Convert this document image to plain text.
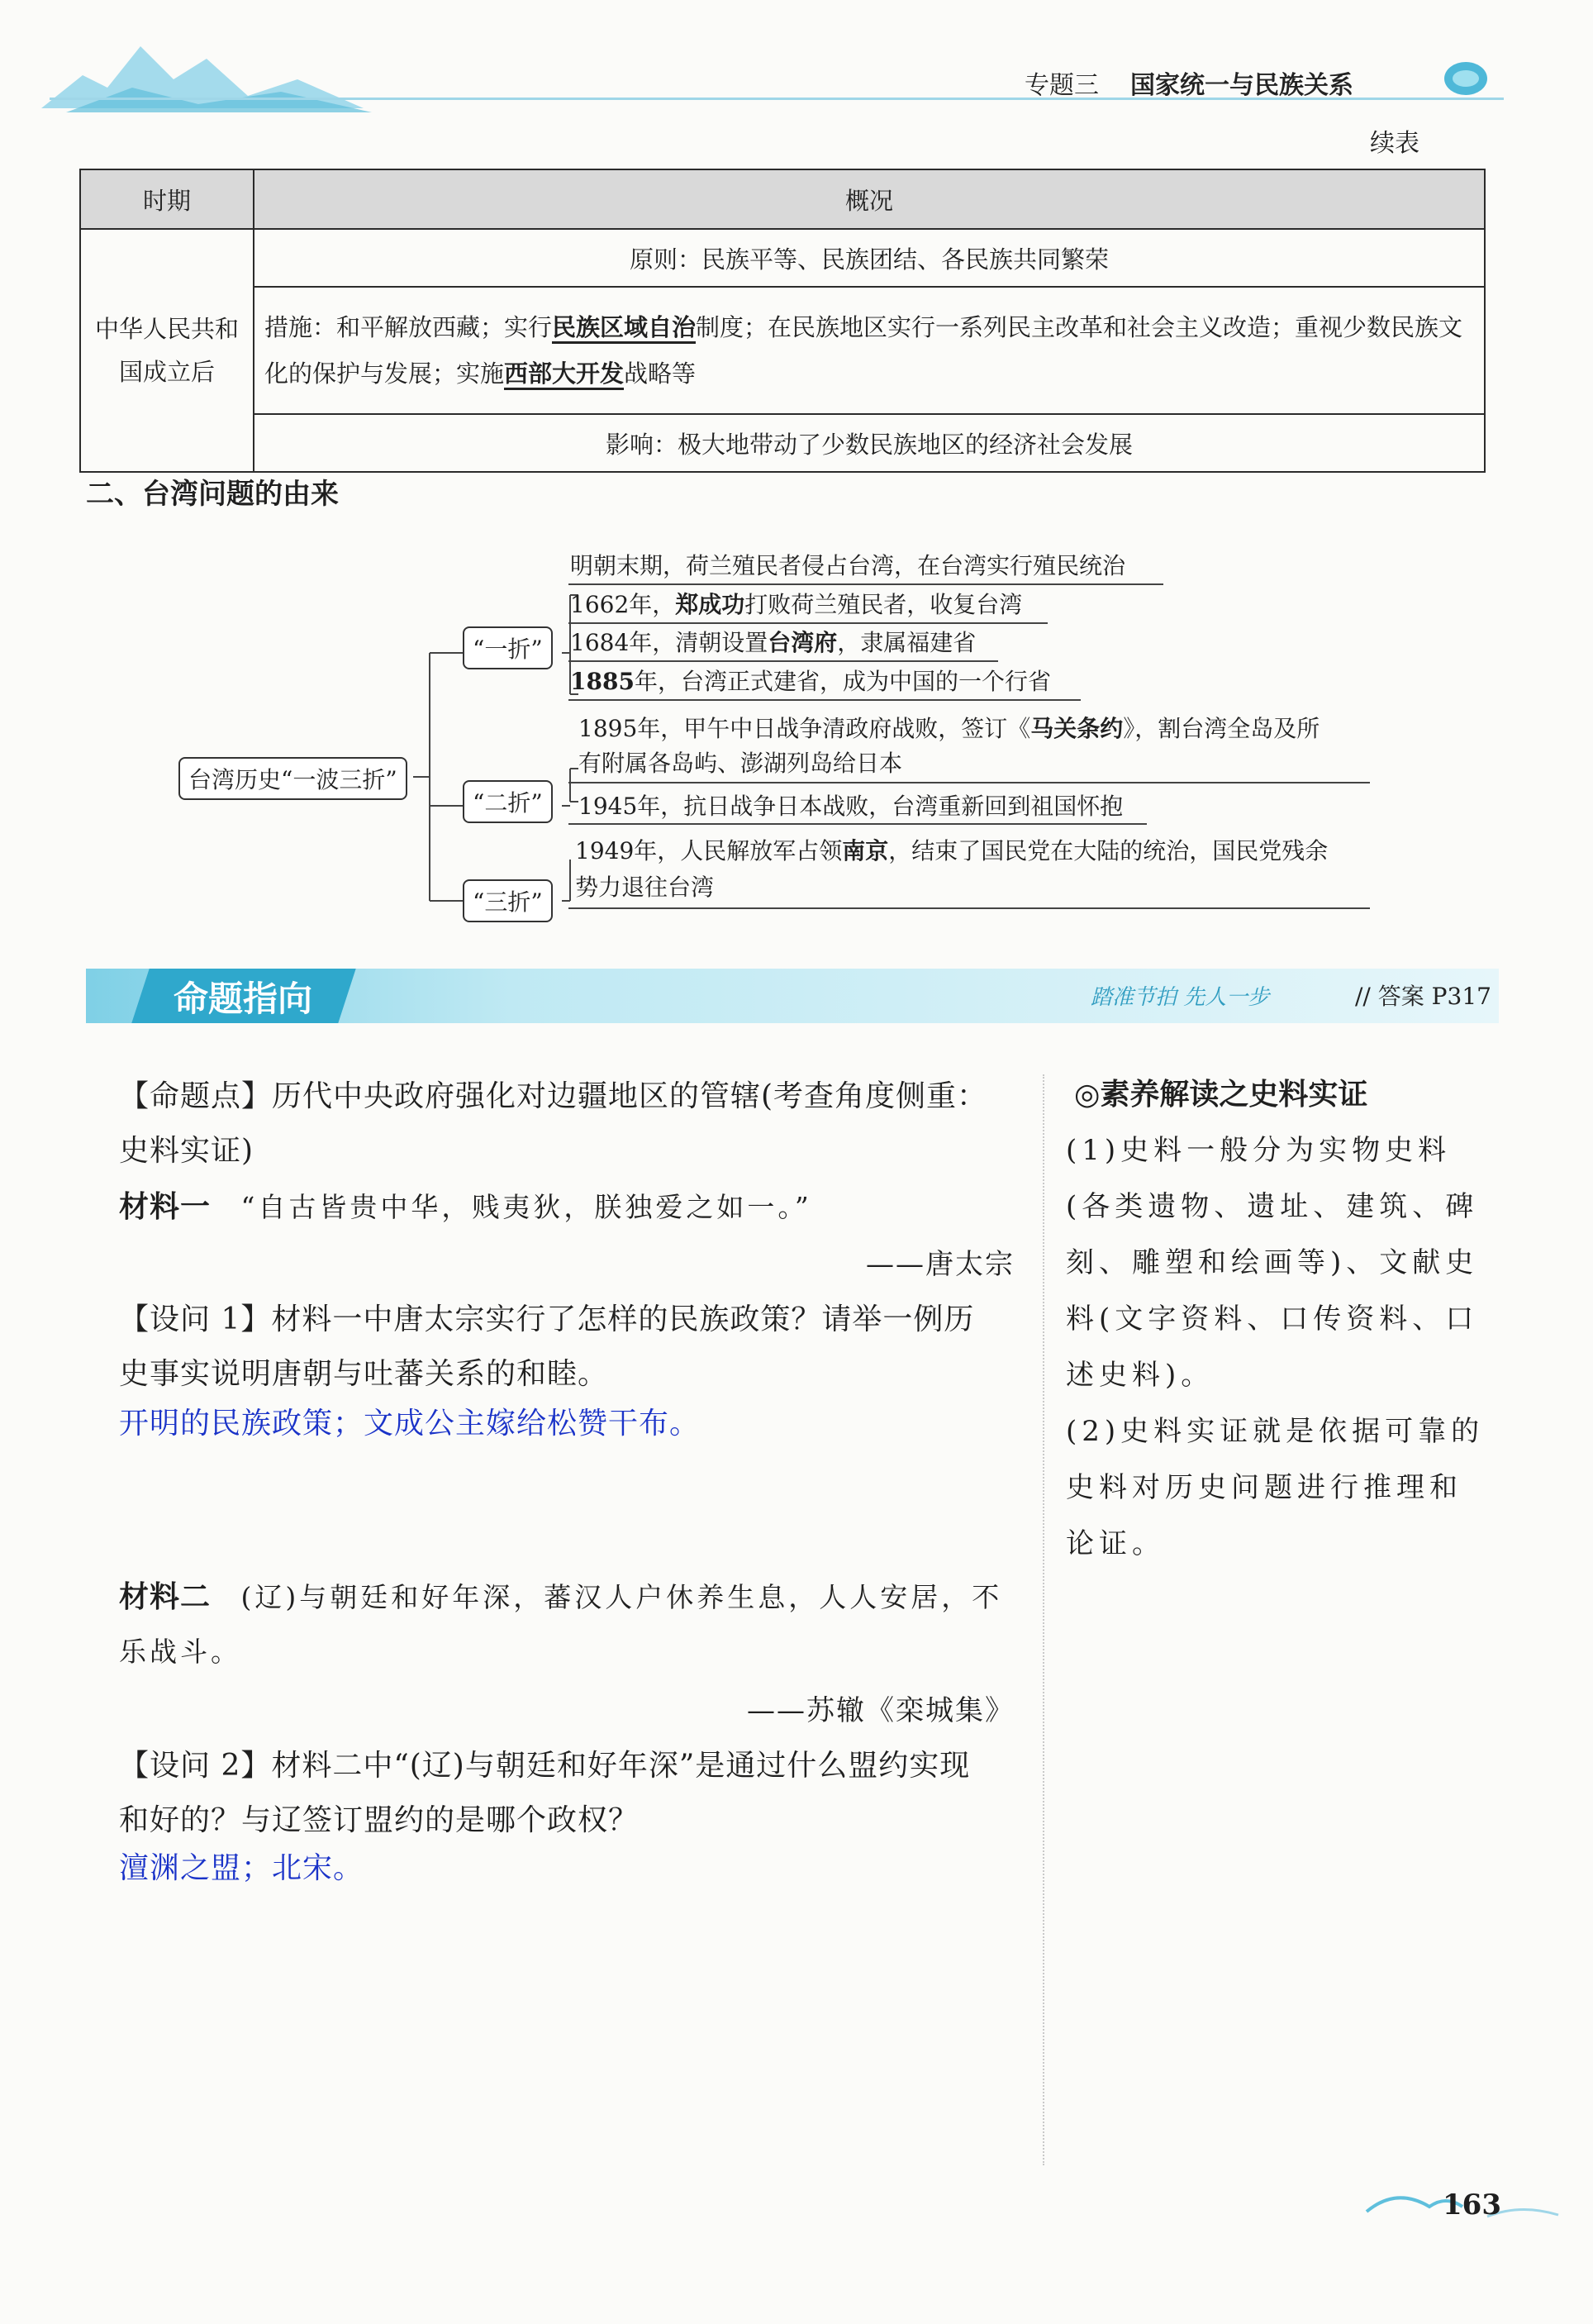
专题三 国家统一与民族关系
续表
时期	概况
中华人民共和国成立后	原则：民族平等、民族团结、各民族共同繁荣
	措施：和平解放西藏；实行民族区域自治制度；在民族地区实行一系列民主改革和社会主义改造；重视少数民族文化的保护与发展；实施西部大开发战略等
	影响：极大地带动了少数民族地区的经济社会发展
二、台湾问题的由来
台湾历史“一波三折”
“一折”
“二折”
“三折”
明朝末期，荷兰殖民者侵占台湾，在台湾实行殖民统治
1662年，郑成功打败荷兰殖民者，收复台湾
1684年，清朝设置台湾府，隶属福建省
1885年，台湾正式建省，成为中国的一个行省
1895年，甲午中日战争清政府战败，签订《马关条约》，割台湾全岛及所
有附属各岛屿、澎湖列岛给日本
1945年，抗日战争日本战败，台湾重新回到祖国怀抱
1949年，人民解放军占领南京，结束了国民党在大陆的统治，国民党残余
势力退往台湾
命题指向	踏准节拍 先人一步	// 答案 P317
【命题点】历代中央政府强化对边疆地区的管辖(考查角度侧重：
史料实证)
材料一 “自古皆贵中华，贱夷狄，朕独爱之如一。”
——唐太宗
【设问 1】材料一中唐太宗实行了怎样的民族政策？请举一例历
史事实说明唐朝与吐蕃关系的和睦。
开明的民族政策；文成公主嫁给松赞干布。
材料二 (辽)与朝廷和好年深，蕃汉人户休养生息，人人安居，不
乐战斗。
——苏辙《栾城集》
【设问 2】材料二中“(辽)与朝廷和好年深”是通过什么盟约实现
和好的？与辽签订盟约的是哪个政权？
澶渊之盟；北宋。
◎素养解读之史料实证
(1)史料一般分为实物史料(各类遗物、遗址、建筑、碑刻、雕塑和绘画等)、文献史料(文字资料、口传资料、口述史料)。
(2)史料实证就是依据可靠的史料对历史问题进行推理和论证。
163
